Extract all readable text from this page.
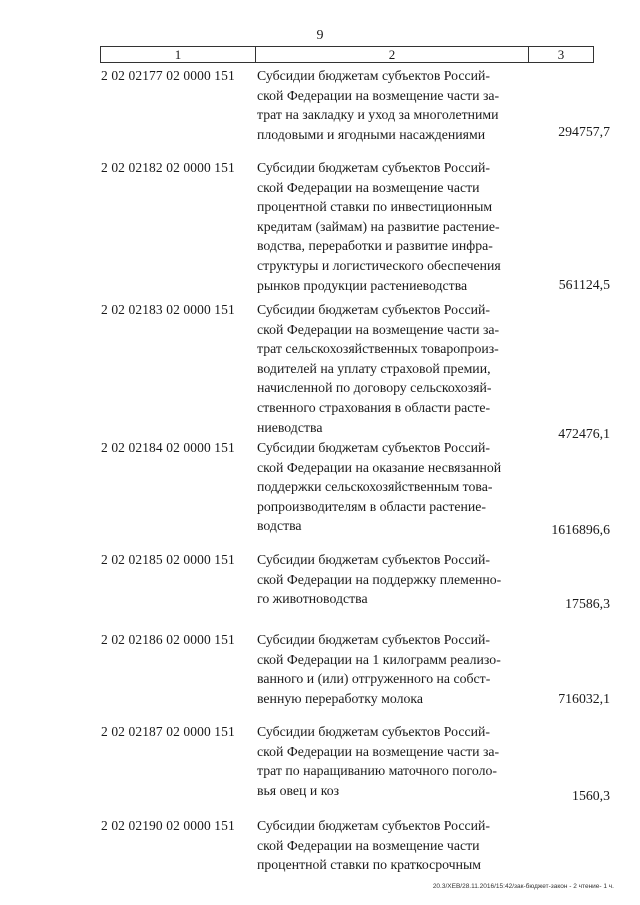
9
1	2	3
2 02 02177 02 0000 151	Субсидии бюджетам субъектов Россий-
ской Федерации на возмещение части за-
трат на закладку и уход за многолетними
плодовыми и ягодными насаждениями	294757,7
2 02 02182 02 0000 151	Субсидии бюджетам субъектов Россий-
ской Федерации на возмещение части
процентной ставки по инвестиционным
кредитам (займам) на развитие растение-
водства, переработки и развитие инфра-
структуры и логистического обеспечения
рынков продукции растениеводства	561124,5
2 02 02183 02 0000 151	Субсидии бюджетам субъектов Россий-
ской Федерации на возмещение части за-
трат сельскохозяйственных товаропроиз-
водителей на уплату страховой премии,
начисленной по договору сельскохозяй-
ственного страхования в области расте-
ниеводства	472476,1
2 02 02184 02 0000 151	Субсидии бюджетам субъектов Россий-
ской Федерации на оказание несвязанной
поддержки сельскохозяйственным това-
ропроизводителям в области растение-
водства	1616896,6
2 02 02185 02 0000 151	Субсидии бюджетам субъектов Россий-
ской Федерации на поддержку племенно-
го животноводства	17586,3
2 02 02186 02 0000 151	Субсидии бюджетам субъектов Россий-
ской Федерации на 1 килограмм реализо-
ванного и (или) отгруженного на собст-
венную переработку молока	716032,1
2 02 02187 02 0000 151	Субсидии бюджетам субъектов Россий-
ской Федерации на возмещение части за-
трат по наращиванию маточного поголо-
вья овец и коз	1560,3
2 02 02190 02 0000 151	Субсидии бюджетам субъектов Россий-
ской Федерации на возмещение части
процентной ставки по краткосрочным
20.3/ХЕВ/28.11.2016/15:42/зак-бюджет-закон - 2 чтение- 1 ч.
